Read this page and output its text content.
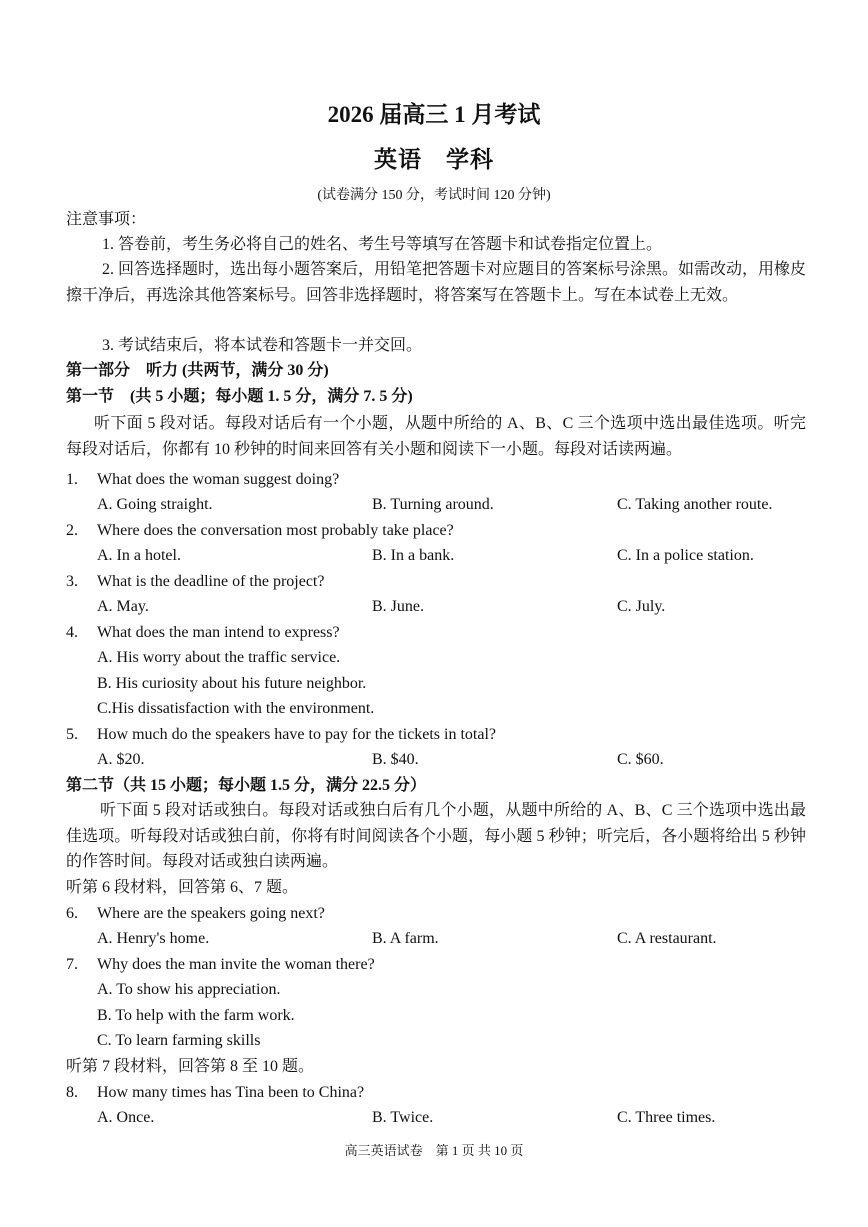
2026 届高三 1 月考试
英语　学科
(试卷满分 150 分，考试时间 120 分钟)
注意事项：
1. 答卷前，考生务必将自己的姓名、考生号等填写在答题卡和试卷指定位置上。
2. 回答选择题时，选出每小题答案后，用铅笔把答题卡对应题目的答案标号涂黑。如需改动，用橡皮擦干净后，再选涂其他答案标号。回答非选择题时，将答案写在答题卡上。写在本试卷上无效。
3. 考试结束后，将本试卷和答题卡一并交回。
第一部分　听力 (共两节，满分 30 分)
第一节　(共 5 小题；每小题 1. 5 分，满分 7. 5 分)
听下面 5 段对话。每段对话后有一个小题，从题中所给的 A、B、C 三个选项中选出最佳选项。听完每段对话后，你都有 10 秒钟的时间来回答有关小题和阅读下一小题。每段对话读两遍。
1. What does the woman suggest doing?
A. Going straight.	B. Turning around.	C. Taking another route.
2. Where does the conversation most probably take place?
A. In a hotel.	B. In a bank.	C. In a police station.
3. What is the deadline of the project?
A. May.	B. June.	C. July.
4. What does the man intend to express?
A. His worry about the traffic service.
B. His curiosity about his future neighbor.
C.His dissatisfaction with the environment.
5. How much do the speakers have to pay for the tickets in total?
A. $20.	B. $40.	C. $60.
第二节（共 15 小题；每小题 1.5 分，满分 22.5 分）
听下面 5 段对话或独白。每段对话或独白后有几个小题，从题中所给的 A、B、C 三个选项中选出最佳选项。听每段对话或独白前，你将有时间阅读各个小题，每小题 5 秒钟；听完后，各小题将给出 5 秒钟的作答时间。每段对话或独白读两遍。
听第 6 段材料，回答第 6、7 题。
6. Where are the speakers going next?
A. Henry's home.	B. A farm.	C. A restaurant.
7. Why does the man invite the woman there?
A. To show his appreciation.
B. To help with the farm work.
C. To learn farming skills
听第 7 段材料，回答第 8 至 10 题。
8. How many times has Tina been to China?
A. Once.	B. Twice.	C. Three times.
高三英语试卷　第 1 页 共 10 页
